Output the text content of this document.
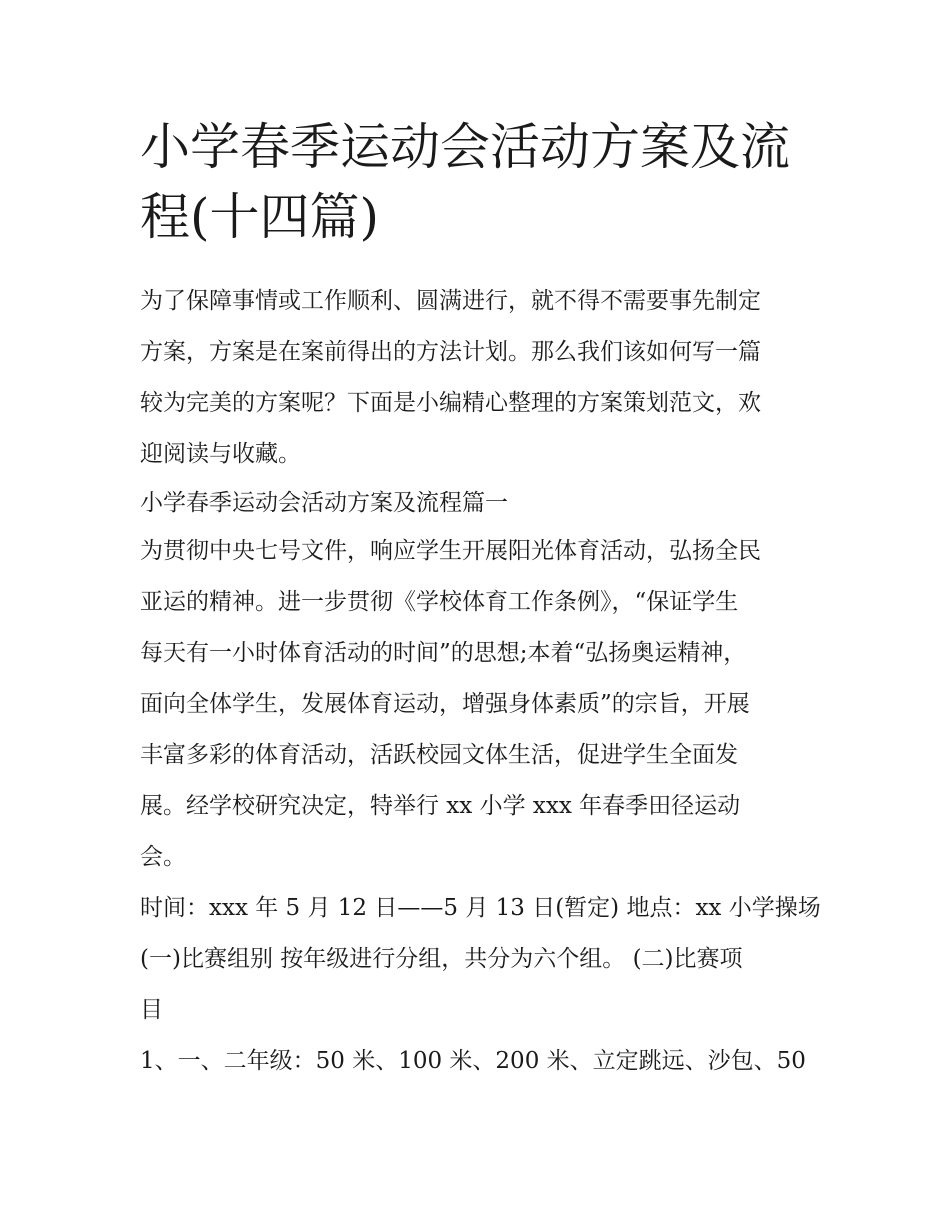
小学春季运动会活动方案及流
程(十四篇)
为了保障事情或工作顺利、圆满进行，就不得不需要事先制定
方案，方案是在案前得出的方法计划。那么我们该如何写一篇
较为完美的方案呢？下面是小编精心整理的方案策划范文，欢
迎阅读与收藏。
小学春季运动会活动方案及流程篇一
为贯彻中央七号文件，响应学生开展阳光体育活动，弘扬全民
亚运的精神。进一步贯彻《学校体育工作条例》，“保证学生
每天有一小时体育活动的时间”的思想;本着“弘扬奥运精神，
面向全体学生，发展体育运动，增强身体素质”的宗旨，开展
丰富多彩的体育活动，活跃校园文体生活，促进学生全面发
展。经学校研究决定，特举行 xx 小学 xxx 年春季田径运动
会。
时间：xxx 年 5 月 12 日——5 月 13 日(暂定) 地点：xx 小学操场
(一)比赛组别 按年级进行分组，共分为六个组。 (二)比赛项
目
1、一、二年级：50 米、100 米、200 米、立定跳远、沙包、50
